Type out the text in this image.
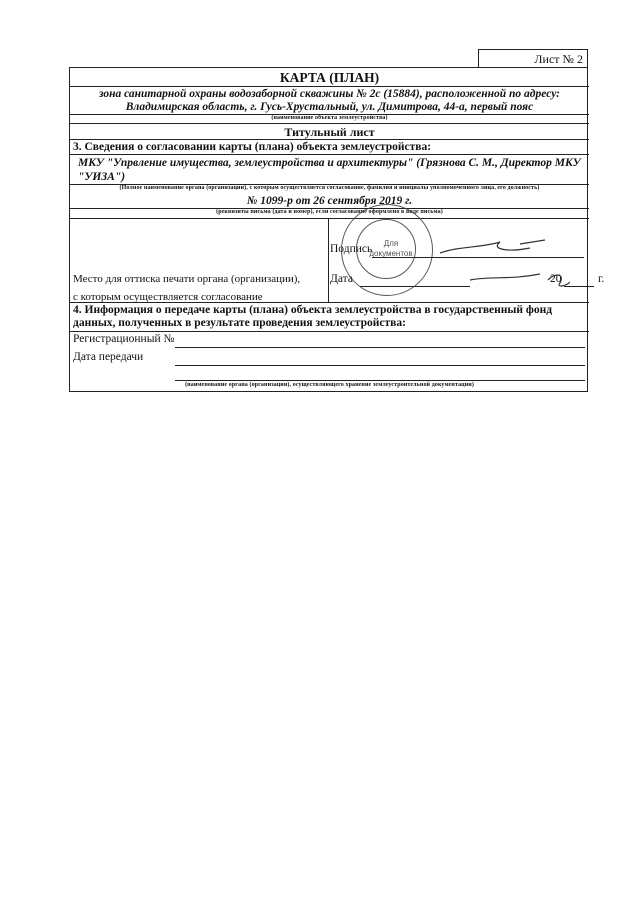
Лист № 2
КАРТА (ПЛАН)
зона санитарной охраны водозаборной скважины № 2с (15884), расположенной по адресу:
Владимирская область, г. Гусь-Хрустальный, ул. Димитрова, 44-а, первый пояс
(наименование объекта землеустройства)
Титульный лист
3. Сведения о согласовании карты (плана) объекта землеустройства:
МКУ "Упрвление имущества, землеустройства и архитектуры" (Грязнова С. М., Директор МКУ
"УИЗА")
(Полное наименование органа (организации), с которым осуществляется согласование, фамилия и инициалы уполномоченного лица, его должность)
№ 1099-р от 26 сентября 2019 г.
(реквизиты письма (дата и номер), если согласование оформлено в виде письма)
Место для оттиска печати органа (организации),
с которым осуществляется согласование
Подпись
Дата	20	г.
4. Информация о передаче карты (плана) объекта землеустройства в государственный фонд
данных, полученных в результате проведения землеустройства:
Регистрационный №
Дата передачи
(наименование органа (организации), осуществляющего хранение землеустроительной документации)
Для документов
